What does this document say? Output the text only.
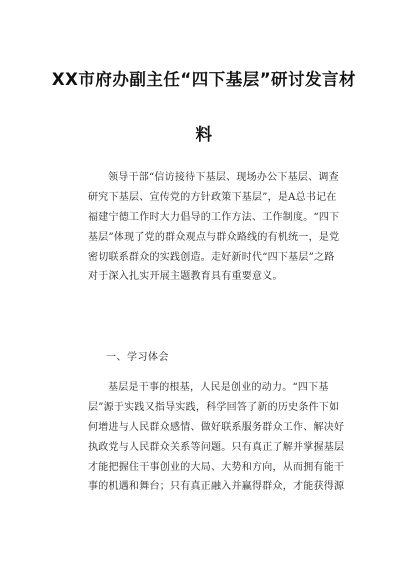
XX市府办副主任“四下基层”研讨发言材
料
领导干部“信访接待下基层、现场办公下基层、调查
研究下基层、宣传党的方针政策下基层”，是A总书记在
福建宁德工作时大力倡导的工作方法、工作制度。“四下
基层”体现了党的群众观点与群众路线的有机统一，是党
密切联系群众的实践创造。走好新时代“四下基层”之路
对于深入扎实开展主题教育具有重要意义。
一、学习体会
基层是干事的根基，人民是创业的动力。“四下基
层”源于实践又指导实践，科学回答了新的历史条件下如
何增进与人民群众感情、做好联系服务群众工作、解决好
执政党与人民群众关系等问题。只有真正了解并掌握基层
才能把握住干事创业的大局、大势和方向，从而拥有能干
事的机遇和舞台；只有真正融入并赢得群众，才能获得源
